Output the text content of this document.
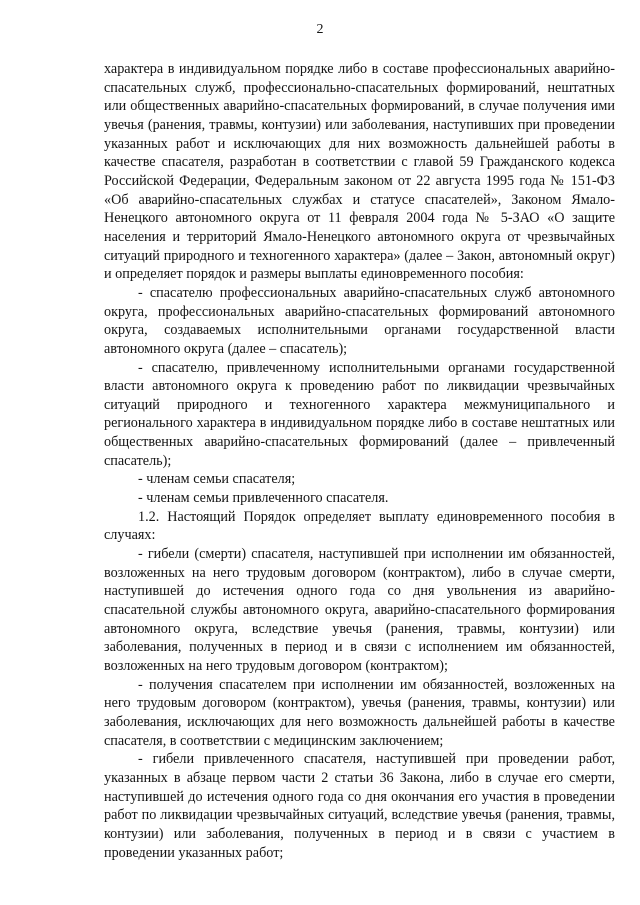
2

характера в индивидуальном порядке либо в составе профессиональных аварийно-спасательных служб, профессионально-спасательных формирований, нештатных или общественных аварийно-спасательных формирований, в случае получения ими увечья (ранения, травмы, контузии) или заболевания, наступивших при проведении указанных работ и исключающих для них возможность дальнейшей работы в качестве спасателя, разработан в соответствии с главой 59 Гражданского кодекса Российской Федерации, Федеральным законом от 22 августа 1995 года № 151-ФЗ «Об аварийно-спасательных службах и статусе спасателей», Законом Ямало-Ненецкого автономного округа от 11 февраля 2004 года № 5-ЗАО «О защите населения и территорий Ямало-Ненецкого автономного округа от чрезвычайных ситуаций природного и техногенного характера» (далее – Закон, автономный округ) и определяет порядок и размеры выплаты единовременного пособия:

- спасателю профессиональных аварийно-спасательных служб автономного округа, профессиональных аварийно-спасательных формирований автономного округа, создаваемых исполнительными органами государственной власти автономного округа (далее – спасатель);

- спасателю, привлеченному исполнительными органами государственной власти автономного округа к проведению работ по ликвидации чрезвычайных ситуаций природного и техногенного характера межмуниципального и регионального характера в индивидуальном порядке либо в составе нештатных или общественных аварийно-спасательных формирований (далее – привлеченный спасатель);

- членам семьи спасателя;

- членам семьи привлеченного спасателя.

1.2. Настоящий Порядок определяет выплату единовременного пособия в случаях:

- гибели (смерти) спасателя, наступившей при исполнении им обязанностей, возложенных на него трудовым договором (контрактом), либо в случае смерти, наступившей до истечения одного года со дня увольнения из аварийно-спасательной службы автономного округа, аварийно-спасательного формирования автономного округа, вследствие увечья (ранения, травмы, контузии) или заболевания, полученных в период и в связи с исполнением им обязанностей, возложенных на него трудовым договором (контрактом);

- получения спасателем при исполнении им обязанностей, возложенных на него трудовым договором (контрактом), увечья (ранения, травмы, контузии) или заболевания, исключающих для него возможность дальнейшей работы в качестве спасателя, в соответствии с медицинским заключением;

- гибели привлеченного спасателя, наступившей при проведении работ, указанных в абзаце первом части 2 статьи 36 Закона, либо в случае его смерти, наступившей до истечения одного года со дня окончания его участия в проведении работ по ликвидации чрезвычайных ситуаций, вследствие увечья (ранения, травмы, контузии) или заболевания, полученных в период и в связи с участием в проведении указанных работ;
